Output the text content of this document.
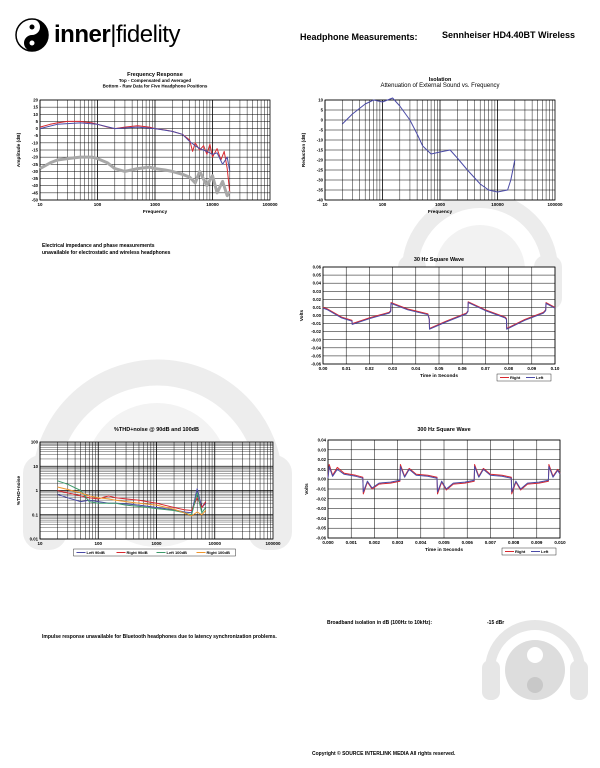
inner|fidelity	Headphone Measurements:	Sennheiser HD4.40BT Wireless
Frequency Response
Top - Compensated and Averaged
Bottom - Raw Data for Five Headphone Positions
10	100	1000	10000	100000
20
15
10
5
0
-5
-10
-15
-20
-25
-30
-35
-40
-45
-50
Frequency
Amplitude (dB)
Isolation
Attenuation of External Sound vs. Frequency
10	100	1000	10000	100000
10
5
0
-5
-10
-15
-20
-25
-30
-35
-40
Frequency
Reduction (dB)
30 Hz Square Wave
0.00	0.01	0.02	0.03	0.04	0.05	0.06	0.07	0.08	0.09	0.10
0.06
0.05
0.04
0.03
0.02
0.01
0.00
-0.01
-0.02
-0.03
-0.04
-0.05
-0.06
Time in Seconds
Volts
Right	Left
300 Hz Square Wave
0.000	0.001	0.002	0.003	0.004	0.005	0.006	0.007	0.008	0.009	0.010
0.04
0.03
0.02
0.01
0.00
-0.01
-0.02
-0.03
-0.04
-0.05
-0.06
Time in Seconds
Volts
Right	Left
%THD+noise @ 90dB and 100dB
10	100	1000	10000	100000
100
10
1
0.1
0.01
%THD+noise
Left 90dB	Right 90dB	Left 100dB	Right 100dB
Electrical impedance and phase measurements
unavailable for electrostatic and wireless headphones
Impulse response unavailable for Bluetooth headphones due to latency synchronization problems.
Broadband isolation in dB (100Hz to 10kHz):	-15 dBr
Copyright © SOURCE INTERLINK MEDIA All rights reserved.
